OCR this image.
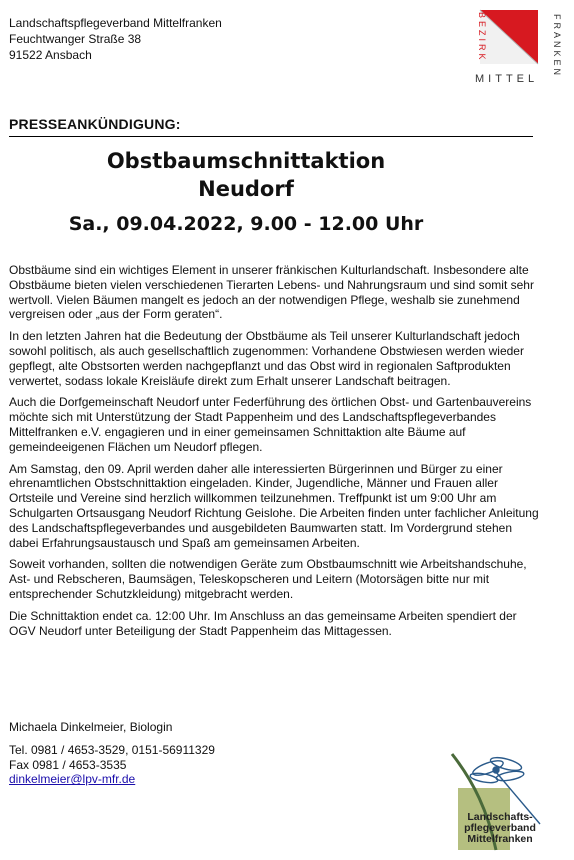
Landschaftspflegeverband Mittelfranken
Feuchtwanger Straße 38
91522 Ansbach	BEZIRK
MITTEL
FRANKEN
PRESSEANKÜNDIGUNG:
Obstbaumschnittaktion
Neudorf
Sa., 09.04.2022, 9.00 - 12.00 Uhr

Obstbäume sind ein wichtiges Element in unserer fränkischen Kulturlandschaft. Insbesondere alte Obstbäume bieten vielen verschiedenen Tierarten Lebens- und Nahrungsraum und sind somit sehr wertvoll. Vielen Bäumen mangelt es jedoch an der notwendigen Pflege, weshalb sie zunehmend vergreisen oder „aus der Form geraten“.

In den letzten Jahren hat die Bedeutung der Obstbäume als Teil unserer Kulturlandschaft jedoch sowohl politisch, als auch gesellschaftlich zugenommen: Vorhandene Obstwiesen werden wieder gepflegt, alte Obstsorten werden nachgepflanzt und das Obst wird in regionalen Saftprodukten verwertet, sodass lokale Kreisläufe direkt zum Erhalt unserer Landschaft beitragen.

Auch die Dorfgemeinschaft Neudorf unter Federführung des örtlichen Obst- und Gartenbauvereins möchte sich mit Unterstützung der Stadt Pappenheim und des Landschaftspflegeverbandes Mittelfranken e.V. engagieren und in einer gemeinsamen Schnittaktion alte Bäume auf gemeindeeigenen Flächen um Neudorf pflegen.

Am Samstag, den 09. April werden daher alle interessierten Bürgerinnen und Bürger zu einer ehrenamtlichen Obstschnittaktion eingeladen. Kinder, Jugendliche, Männer und Frauen aller Ortsteile und Vereine sind herzlich willkommen teilzunehmen. Treffpunkt ist um 9:00 Uhr am Schulgarten Ortsausgang Neudorf Richtung Geislohe. Die Arbeiten finden unter fachlicher Anleitung des Landschaftspflegeverbandes und ausgebildeten Baumwarten statt. Im Vordergrund stehen dabei Erfahrungsaustausch und Spaß am gemeinsamen Arbeiten.

Soweit vorhanden, sollten die notwendigen Geräte zum Obstbaumschnitt wie Arbeitshandschuhe, Ast- und Rebscheren, Baumsägen, Teleskopscheren und Leitern (Motorsägen bitte nur mit entsprechender Schutzkleidung) mitgebracht werden.

Die Schnittaktion endet ca. 12:00 Uhr. Im Anschluss an das gemeinsame Arbeiten spendiert der OGV Neudorf unter Beteiligung der Stadt Pappenheim das Mittagessen.

Michaela Dinkelmeier, Biologin
Tel. 0981 / 4653-3529, 0151-56911329
Fax 0981 / 4653-3535
dinkelmeier@lpv-mfr.de
Landschafts-
pflegeverband
Mittelfranken
